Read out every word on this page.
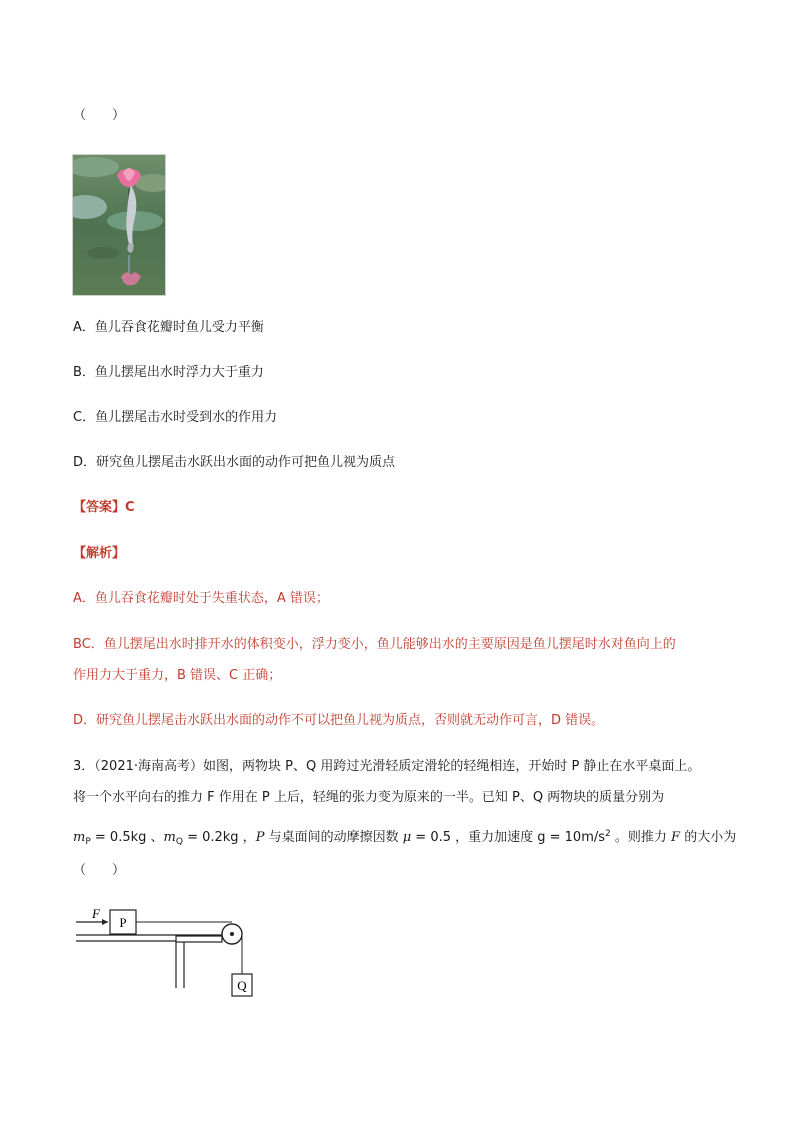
（　　）
A．鱼儿吞食花瓣时鱼儿受力平衡
B．鱼儿摆尾出水时浮力大于重力
C．鱼儿摆尾击水时受到水的作用力
D．研究鱼儿摆尾击水跃出水面的动作可把鱼儿视为质点
【答案】C
【解析】
A．鱼儿吞食花瓣时处于失重状态，A 错误；
BC．鱼儿摆尾出水时排开水的体积变小，浮力变小，鱼儿能够出水的主要原因是鱼儿摆尾时水对鱼向上的
作用力大于重力，B 错误、C 正确；
D．研究鱼儿摆尾击水跃出水面的动作不可以把鱼儿视为质点，否则就无动作可言，D 错误。
3．（2021·海南高考）如图，两物块 P、Q 用跨过光滑轻质定滑轮的轻绳相连，开始时 P 静止在水平桌面上。
将一个水平向右的推力 F 作用在 P 上后，轻绳的张力变为原来的一半。已知 P、Q 两物块的质量分别为
$m_P = 0.5kg$ 、$m_Q = 0.2kg$ ，P 与桌面间的动摩擦因数 μ = 0.5 ，重力加速度 $g = 10m/s^2$ 。则推力 F 的大小为
（　　）
P
F
Q
